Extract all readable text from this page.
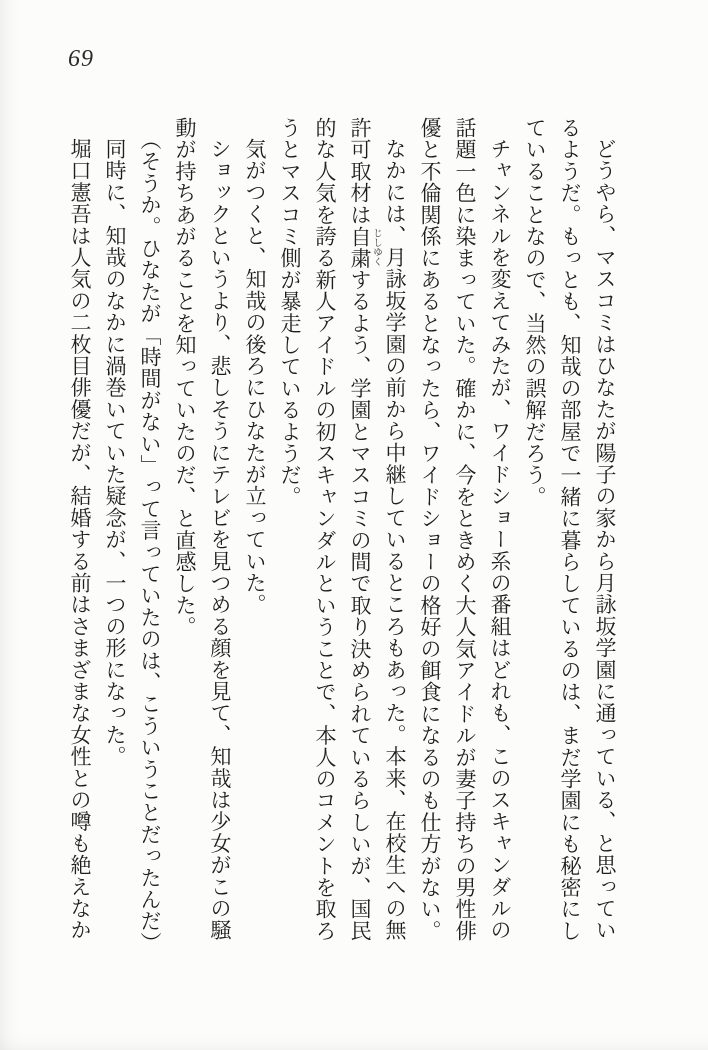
69

どうやら、マスコミはひなたが陽子の家から月詠坂学園に通っている、と思っているようだ。もっとも、知哉の部屋で一緒に暮らしているのは、まだ学園にも秘密にしていることなので、当然の誤解だろう。

チャンネルを変えてみたが、ワイドショー系の番組はどれも、このスキャンダルの話題一色に染まっていた。確かに、今をときめく大人気アイドルが妻子持ちの男性俳優と不倫関係にあるとなったら、ワイドショーの格好の餌食になるのも仕方がない。

なかには、月詠坂学園の前から中継しているところもあった。本来、在校生への無許可取材は自粛 じしゆくするよう、学園とマスコミの間で取り決められているらしいが、国民的な人気を誇る新人アイドルの初スキャンダルということで、本人のコメントを取ろうとマスコミ側が暴走しているようだ。

気がつくと、知哉の後ろにひなたが立っていた。

ショックというより、悲しそうにテレビを見つめる顔を見て、知哉は少女がこの騒動が持ちあがることを知っていたのだ、と直感した。

（そうか。ひなたが「時間がない」って言っていたのは、こういうことだったんだ）

同時に、知哉のなかに渦巻いていた疑念が、一つの形になった。

堀口憲吾は人気の二枚目俳優だが、結婚する前はさまざまな女性との噂も絶えなか
